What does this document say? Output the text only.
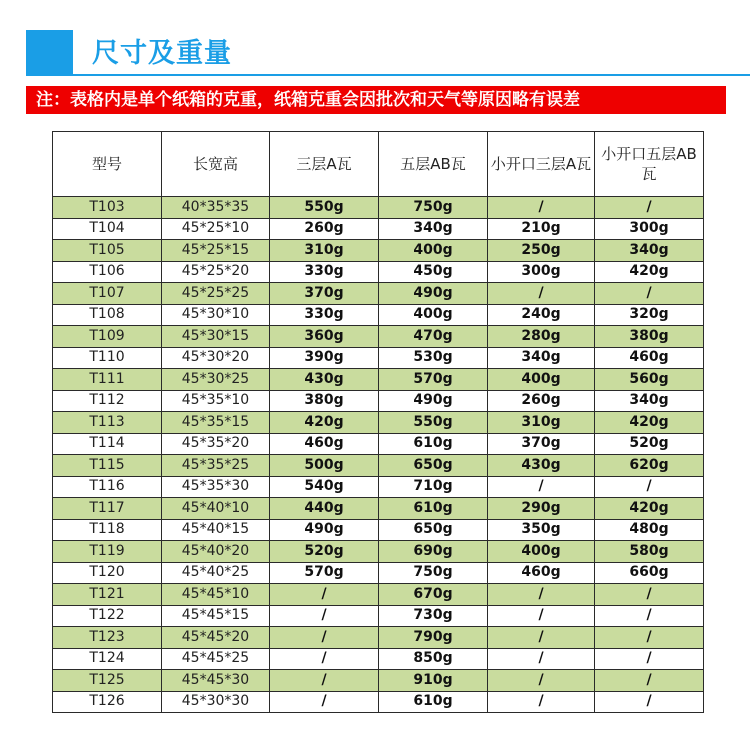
尺寸及重量
注：表格内是单个纸箱的克重，纸箱克重会因批次和天气等原因略有误差
型号	长宽高	三层A瓦	五层AB瓦	小开口三层A瓦	小开口五层AB瓦
T103	40*35*35	550g	750g	/	/
T104	45*25*10	260g	340g	210g	300g
T105	45*25*15	310g	400g	250g	340g
T106	45*25*20	330g	450g	300g	420g
T107	45*25*25	370g	490g	/	/
T108	45*30*10	330g	400g	240g	320g
T109	45*30*15	360g	470g	280g	380g
T110	45*30*20	390g	530g	340g	460g
T111	45*30*25	430g	570g	400g	560g
T112	45*35*10	380g	490g	260g	340g
T113	45*35*15	420g	550g	310g	420g
T114	45*35*20	460g	610g	370g	520g
T115	45*35*25	500g	650g	430g	620g
T116	45*35*30	540g	710g	/	/
T117	45*40*10	440g	610g	290g	420g
T118	45*40*15	490g	650g	350g	480g
T119	45*40*20	520g	690g	400g	580g
T120	45*40*25	570g	750g	460g	660g
T121	45*45*10	/	670g	/	/
T122	45*45*15	/	730g	/	/
T123	45*45*20	/	790g	/	/
T124	45*45*25	/	850g	/	/
T125	45*45*30	/	910g	/	/
T126	45*30*30	/	610g	/	/
